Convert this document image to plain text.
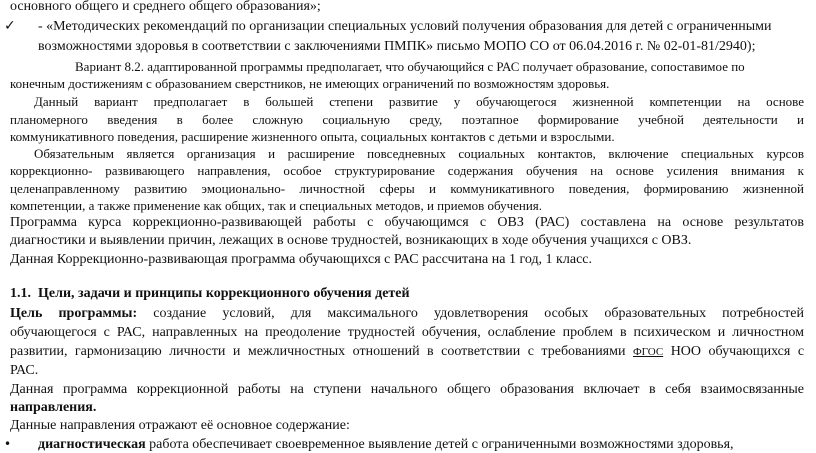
основного общего и среднего общего образования»;
✓ - «Методических рекомендаций по организации специальных условий получения образования для детей с ограниченными
возможностями здоровья в соответствии с заключениями ПМПК» письмо МОПО СО от 06.04.2016 г. № 02-01-81/2940);
Вариант 8.2. адаптированной программы предполагает, что обучающийся с РАС получает образование, сопоставимое по
конечным достижениям с образованием сверстников, не имеющих ограничений по возможностям здоровья.
Данный вариант предполагает в большей степени развитие у обучающегося жизненной компетенции на основе
планомерного введения в более сложную социальную среду, поэтапное формирование учебной деятельности и
коммуникативного поведения, расширение жизненного опыта, социальных контактов с детьми и взрослыми.
Обязательным является организация и расширение повседневных социальных контактов, включение специальных курсов
коррекционно- развивающего направления, особое структурирование содержания обучения на основе усиления внимания к
целенаправленному развитию эмоционально- личностной сферы и коммуникативного поведения, формированию жизненной
компетенции, а также применение как общих, так и специальных методов, и приемов обучения.
Программа курса коррекционно-развивающей работы с обучающимся с ОВЗ (РАС) составлена на основе результатов
диагностики и выявлении причин, лежащих в основе трудностей, возникающих в ходе обучения учащихся с ОВЗ.
Данная Коррекционно-развивающая программа обучающихся с РАС рассчитана на 1 год, 1 класс.
1.1. Цели, задачи и принципы коррекционного обучения детей
Цель программы: создание условий, для максимального удовлетворения особых образовательных потребностей
обучающегося с РАС, направленных на преодоление трудностей обучения, ослабление проблем в психическом и личностном
развитии, гармонизацию личности и межличностных отношений в соответствии с требованиями ФГОС НОО обучающихся с
РАС.
Данная программа коррекционной работы на ступени начального общего образования включает в себя взаимосвязанные
направления.
Данные направления отражают её основное содержание:
• диагностическая работа обеспечивает своевременное выявление детей с ограниченными возможностями здоровья,
